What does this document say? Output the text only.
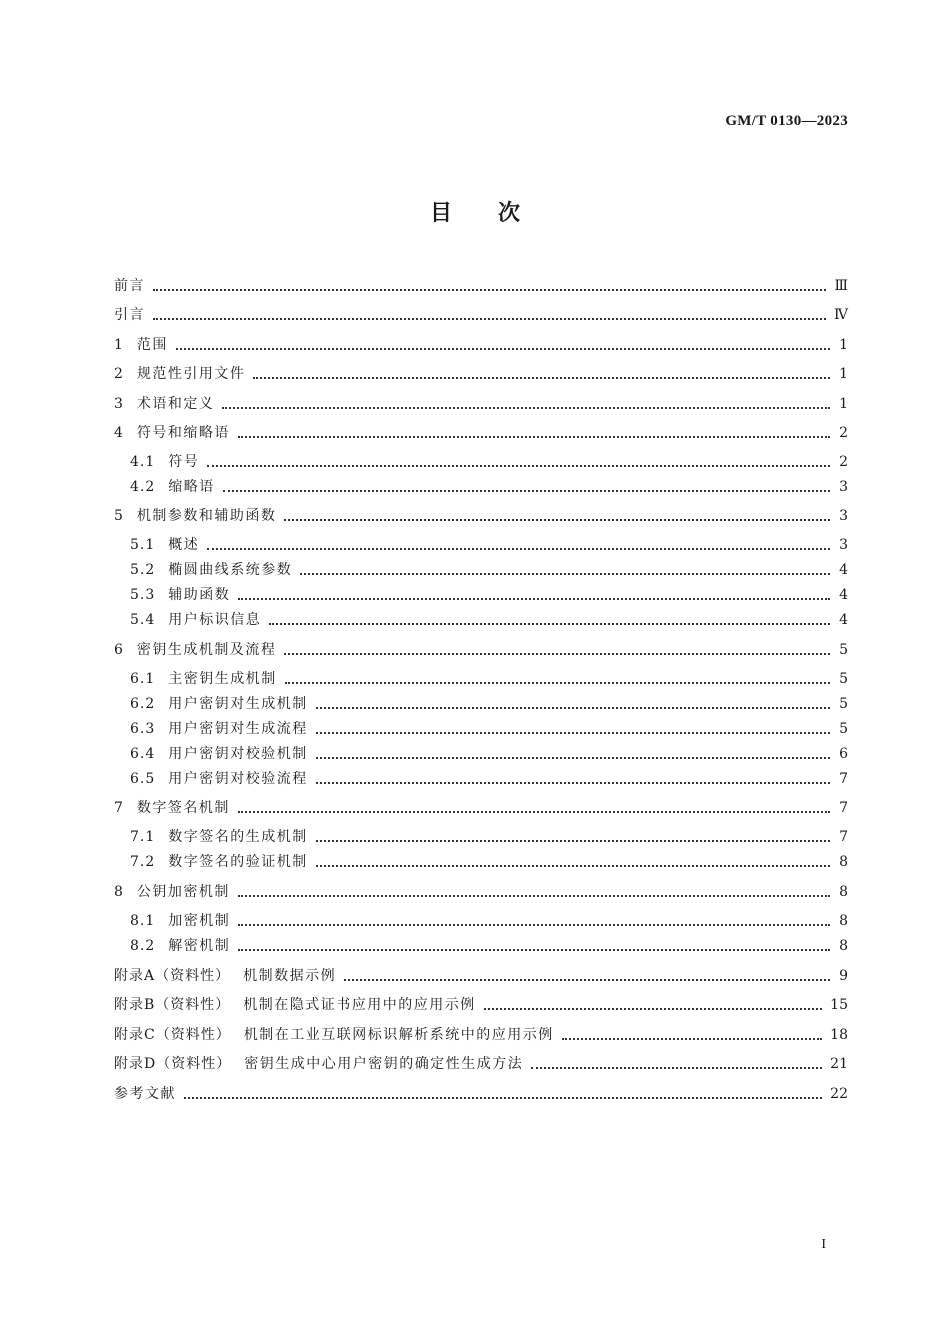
GM/T 0130—2023
目次
前言	Ⅲ
引言	Ⅳ
1 范围	1
2 规范性引用文件	1
3 术语和定义	1
4 符号和缩略语	2
4.1 符号	2
4.2 缩略语	3
5 机制参数和辅助函数	3
5.1 概述	3
5.2 椭圆曲线系统参数	4
5.3 辅助函数	4
5.4 用户标识信息	4
6 密钥生成机制及流程	5
6.1 主密钥生成机制	5
6.2 用户密钥对生成机制	5
6.3 用户密钥对生成流程	5
6.4 用户密钥对校验机制	6
6.5 用户密钥对校验流程	7
7 数字签名机制	7
7.1 数字签名的生成机制	7
7.2 数字签名的验证机制	8
8 公钥加密机制	8
8.1 加密机制	8
8.2 解密机制	8
附录A（资料性） 机制数据示例	9
附录B（资料性） 机制在隐式证书应用中的应用示例	15
附录C（资料性） 机制在工业互联网标识解析系统中的应用示例	18
附录D（资料性） 密钥生成中心用户密钥的确定性生成方法	21
参考文献	22
I
